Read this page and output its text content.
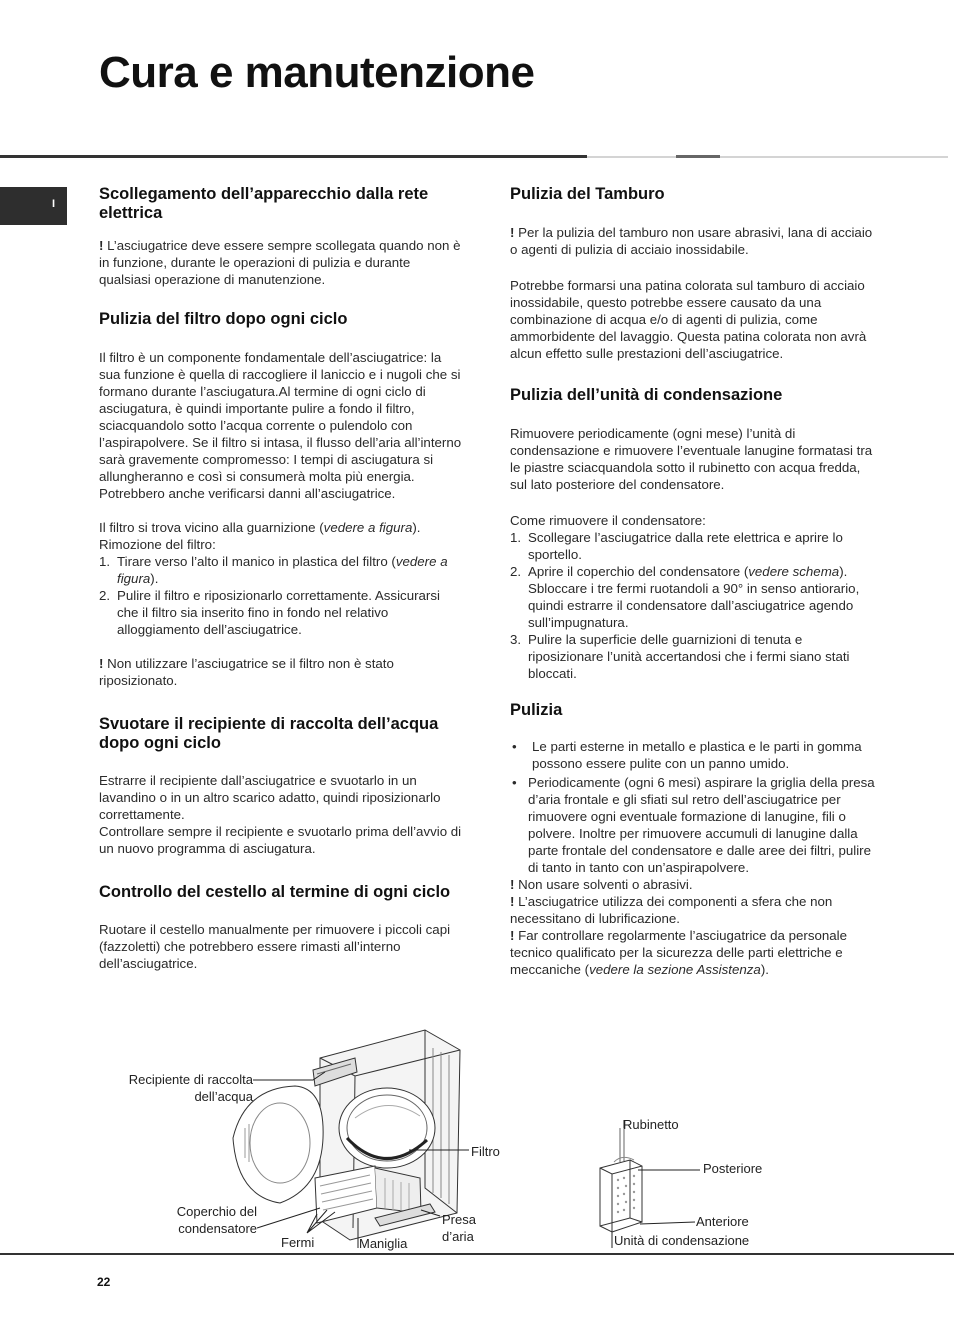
Cura e manutenzione
I
Scollegamento dell’apparecchio dalla rete elettrica

! L’asciugatrice deve essere sempre scollegata quando non è in funzione, durante le operazioni di pulizia e durante qualsiasi operazione di manutenzione.

Pulizia del filtro dopo ogni ciclo

Il filtro è un componente fondamentale dell’asciugatrice: la sua funzione è quella di raccogliere il laniccio e i nugoli che si formano durante l’asciugatura.Al termine di ogni ciclo di asciugatura, è quindi importante pulire a fondo il filtro, sciacquandolo sotto l’acqua corrente o pulendolo con l’aspirapolvere. Se il filtro si intasa, il flusso dell’aria all’interno sarà gravemente compromesso: I tempi di asciugatura si allungheranno e così si consumerà molta più energia. Potrebbero anche verificarsi danni all’asciugatrice.

Il filtro si trova vicino alla guarnizione (vedere a figura).
Rimozione del filtro:
1. Tirare verso l’alto il manico in plastica del filtro (vedere a figura).
2. Pulire il filtro e riposizionarlo correttamente. Assicurarsi che il filtro sia inserito fino in fondo nel relativo alloggiamento dell’asciugatrice.

! Non utilizzare l’asciugatrice se il filtro non è stato riposizionato.

Svuotare il recipiente di raccolta dell’acqua dopo ogni ciclo
Estrarre il recipiente dall’asciugatrice e svuotarlo in un lavandino o in un altro scarico adatto, quindi riposizionarlo correttamente.
Controllare sempre il recipiente e svuotarlo prima dell’avvio di un nuovo programma di asciugatura.
Controllo del cestello al termine di ogni ciclo

Ruotare il cestello manualmente per rimuovere i piccoli capi (fazzoletti) che potrebbero essere rimasti all’interno dell’asciugatrice.

Pulizia del Tamburo

! Per la pulizia del tamburo non usare abrasivi, lana di acciaio o agenti di pulizia di acciaio inossidabile.

Potrebbe formarsi una patina colorata sul tamburo di acciaio inossidabile, questo potrebbe essere causato da una combinazione di acqua e/o di agenti di pulizia, come ammorbidente del lavaggio. Questa patina colorata non avrà alcun effetto sulle prestazioni dell’asciugatrice.

Pulizia dell’unità di condensazione

Rimuovere periodicamente (ogni mese) l’unità di condensazione e rimuovere l’eventuale lanugine formatasi tra le piastre sciacquandola sotto il rubinetto con acqua fredda, sul lato posteriore del condensatore.

Come rimuovere il condensatore:
1. Scollegare l’asciugatrice dalla rete elettrica e aprire lo sportello.
2. Aprire il coperchio del condensatore (vedere schema). Sbloccare i tre fermi ruotandoli a 90° in senso antiorario, quindi estrarre il condensatore dall’asciugatrice agendo sull’impugnatura.
3. Pulire la superficie delle guarnizioni di tenuta e riposizionare l’unità accertandosi che i fermi siano stati bloccati.
Pulizia
• Le parti esterne in metallo e plastica e le parti in gomma possono essere pulite con un panno umido.
• Periodicamente (ogni 6 mesi) aspirare la griglia della presa d’aria frontale e gli sfiati sul retro dell’asciugatrice per rimuovere ogni eventuale formazione di lanugine, fili o polvere. Inoltre per rimuovere accumuli di lanugine dalla parte frontale del condensatore e dalle aree dei filtri, pulire di tanto in tanto con un’aspirapolvere.
! Non usare solventi o abrasivi.
! L’asciugatrice utilizza dei componenti a sfera che non necessitano di lubrificazione.
! Far controllare regolarmente l’asciugatrice da personale tecnico qualificato per la sicurezza delle parti elettriche e meccaniche (vedere la sezione Assistenza).
Recipiente di raccolta dell’acqua
Filtro
Coperchio del condensatore
Fermi	Maniglia
Presa d’aria
Rubinetto
Posteriore
Anteriore
Unità di condensazione
22
